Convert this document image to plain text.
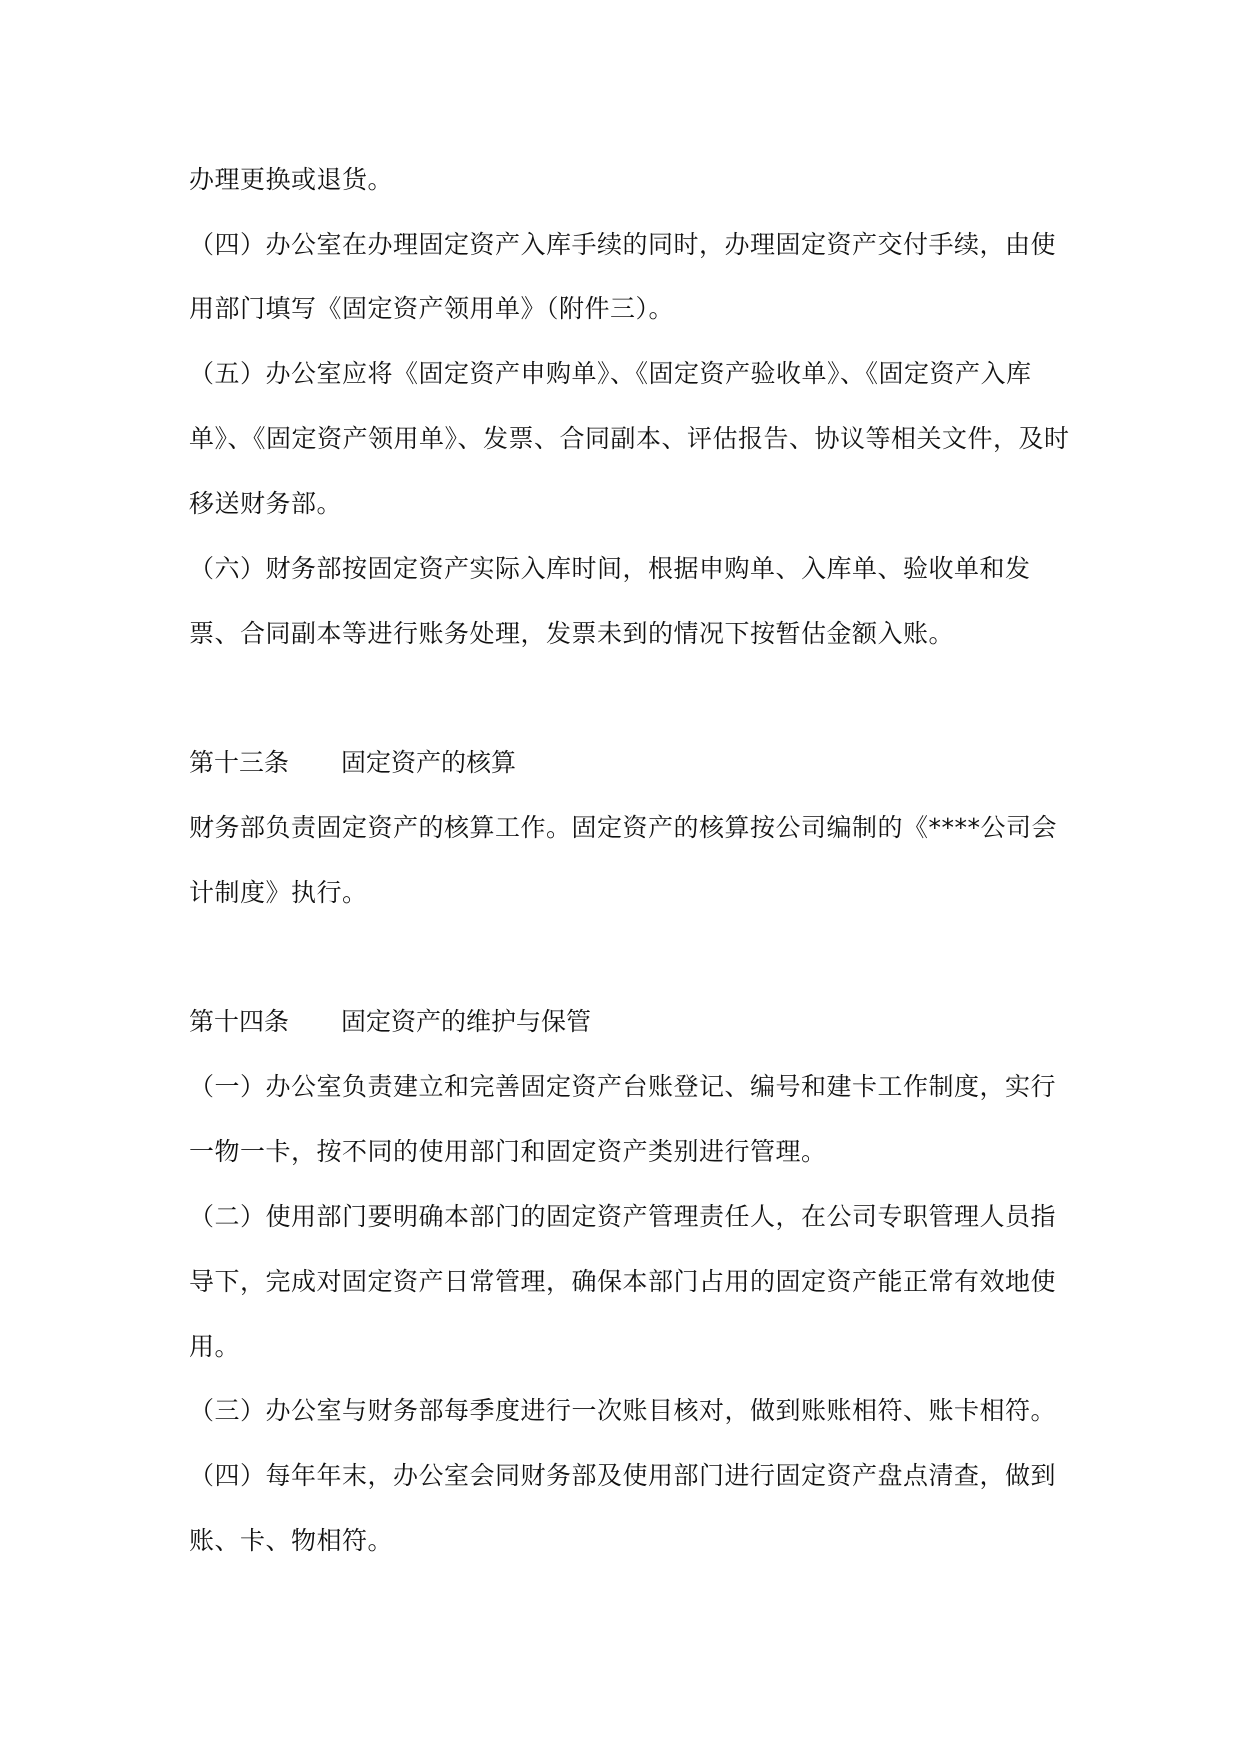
办理更换或退货。
（四）办公室在办理固定资产入库手续的同时，办理固定资产交付手续，由使
用部门填写《固定资产领用单》（附件三）。
（五）办公室应将《固定资产申购单》、《固定资产验收单》、《固定资产入库
单》、《固定资产领用单》、发票、合同副本、评估报告、协议等相关文件，及时
移送财务部。
（六）财务部按固定资产实际入库时间，根据申购单、入库单、验收单和发
票、合同副本等进行账务处理，发票未到的情况下按暂估金额入账。
第十三条 固定资产的核算
财务部负责固定资产的核算工作。固定资产的核算按公司编制的《****公司会
计制度》执行。
第十四条 固定资产的维护与保管
（一）办公室负责建立和完善固定资产台账登记、编号和建卡工作制度，实行
一物一卡，按不同的使用部门和固定资产类别进行管理。
（二）使用部门要明确本部门的固定资产管理责任人，在公司专职管理人员指
导下，完成对固定资产日常管理，确保本部门占用的固定资产能正常有效地使
用。
（三）办公室与财务部每季度进行一次账目核对，做到账账相符、账卡相符。
（四）每年年末，办公室会同财务部及使用部门进行固定资产盘点清查，做到
账、卡、物相符。
